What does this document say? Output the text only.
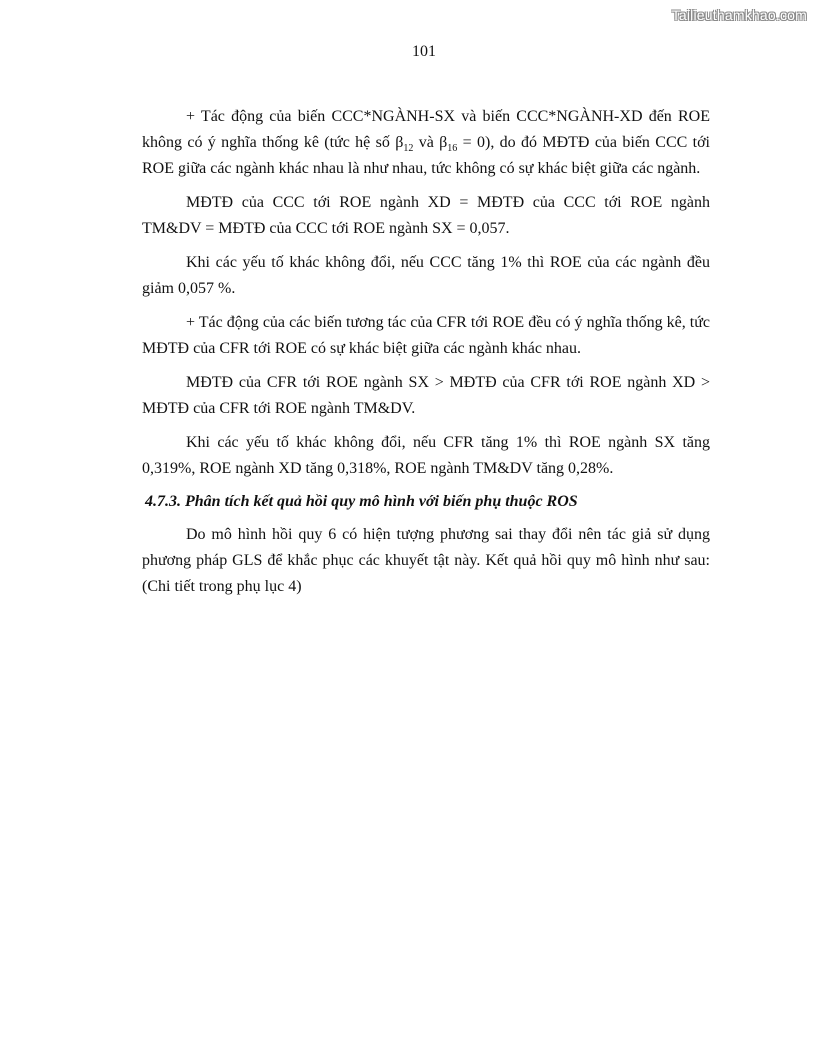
Tailieuthamkhao.com
101

+ Tác động của biến CCC*NGÀNH-SX và biến CCC*NGÀNH-XD đến ROE không có ý nghĩa thống kê (tức hệ số $\beta_{12}$ và $\beta_{16} = 0$), do đó MĐTĐ của biến CCC tới ROE giữa các ngành khác nhau là như nhau, tức không có sự khác biệt giữa các ngành.

MĐTĐ của CCC tới ROE ngành XD = MĐTĐ của CCC tới ROE ngành TM&DV = MĐTĐ của CCC tới ROE ngành SX = 0,057.

Khi các yếu tố khác không đổi, nếu CCC tăng 1% thì ROE của các ngành đều giảm 0,057 %.

+ Tác động của các biến tương tác của CFR tới ROE đều có ý nghĩa thống kê, tức MĐTĐ của CFR tới ROE có sự khác biệt giữa các ngành khác nhau.

MĐTĐ của CFR tới ROE ngành SX > MĐTĐ của CFR tới ROE ngành XD > MĐTĐ của CFR tới ROE ngành TM&DV.

Khi các yếu tố khác không đổi, nếu CFR tăng 1% thì ROE ngành SX tăng 0,319%, ROE ngành XD tăng 0,318%, ROE ngành TM&DV tăng 0,28%.

4.7.3. Phân tích kết quả hồi quy mô hình với biến phụ thuộc ROS

Do mô hình hồi quy 6 có hiện tượng phương sai thay đổi nên tác giả sử dụng phương pháp GLS để khắc phục các khuyết tật này. Kết quả hồi quy mô hình như sau: (Chi tiết trong phụ lục 4)
